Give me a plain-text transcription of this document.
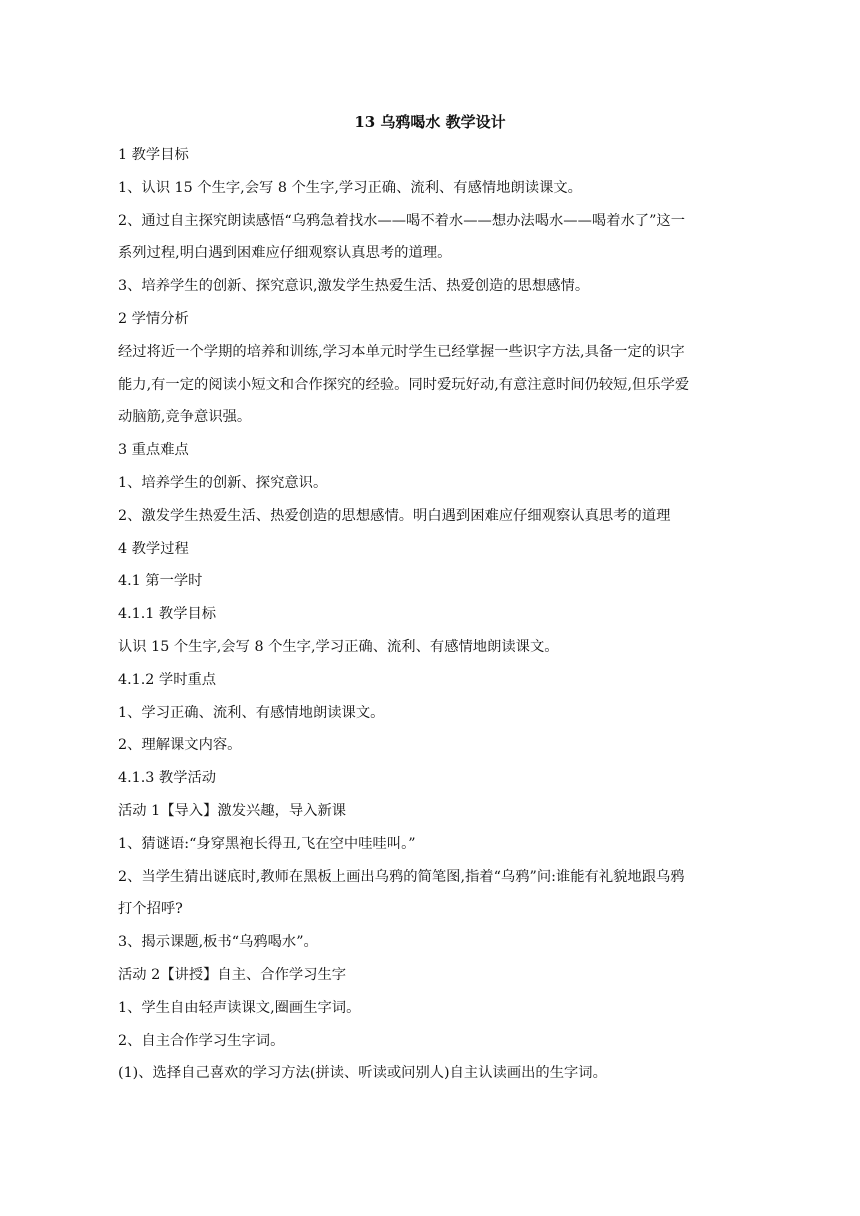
13 乌鸦喝水 教学设计
1 教学目标
1、认识 15 个生字,会写 8 个生字,学习正确、流利、有感情地朗读课文。
2、通过自主探究朗读感悟“乌鸦急着找水——喝不着水——想办法喝水——喝着水了”这一
系列过程,明白遇到困难应仔细观察认真思考的道理。
3、培养学生的创新、探究意识,激发学生热爱生活、热爱创造的思想感情。
2 学情分析
经过将近一个学期的培养和训练,学习本单元时学生已经掌握一些识字方法,具备一定的识字
能力,有一定的阅读小短文和合作探究的经验。同时爱玩好动,有意注意时间仍较短,但乐学爱
动脑筋,竞争意识强。
3 重点难点
1、培养学生的创新、探究意识。
2、激发学生热爱生活、热爱创造的思想感情。明白遇到困难应仔细观察认真思考的道理
4 教学过程
4.1 第一学时
4.1.1 教学目标
认识 15 个生字,会写 8 个生字,学习正确、流利、有感情地朗读课文。
4.1.2 学时重点
1、学习正确、流利、有感情地朗读课文。
2、理解课文内容。
4.1.3 教学活动
活动 1【导入】激发兴趣，导入新课
1、猜谜语:“身穿黑袍长得丑,飞在空中哇哇叫。”
2、当学生猜出谜底时,教师在黑板上画出乌鸦的简笔图,指着“乌鸦”问:谁能有礼貌地跟乌鸦
打个招呼?
3、揭示课题,板书“乌鸦喝水”。
活动 2【讲授】自主、合作学习生字
1、学生自由轻声读课文,圈画生字词。
2、自主合作学习生字词。
(1)、选择自己喜欢的学习方法(拼读、听读或问别人)自主认读画出的生字词。
